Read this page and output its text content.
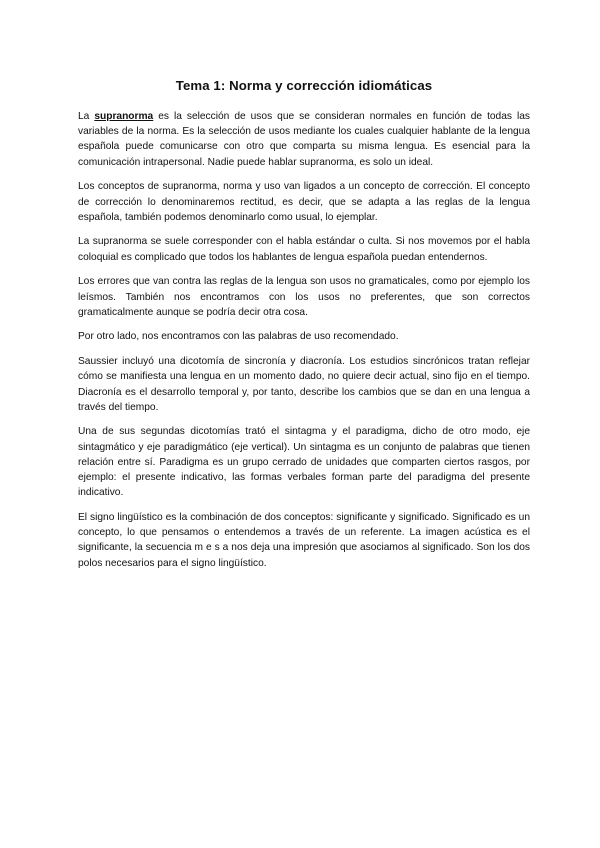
Tema 1: Norma y corrección idiomáticas

La supranorma es la selección de usos que se consideran normales en función de todas las variables de la norma. Es la selección de usos mediante los cuales cualquier hablante de la lengua española puede comunicarse con otro que comparta su misma lengua. Es esencial para la comunicación intrapersonal. Nadie puede hablar supranorma, es solo un ideal.

Los conceptos de supranorma, norma y uso van ligados a un concepto de corrección. El concepto de corrección lo denominaremos rectitud, es decir, que se adapta a las reglas de la lengua española, también podemos denominarlo como usual, lo ejemplar.

La supranorma se suele corresponder con el habla estándar o culta. Si nos movemos por el habla coloquial es complicado que todos los hablantes de lengua española puedan entendernos.

Los errores que van contra las reglas de la lengua son usos no gramaticales, como por ejemplo los leísmos. También nos encontramos con los usos no preferentes, que son correctos gramaticalmente aunque se podría decir otra cosa.

Por otro lado, nos encontramos con las palabras de uso recomendado.

Saussier incluyó una dicotomía de sincronía y diacronía. Los estudios sincrónicos tratan reflejar cómo se manifiesta una lengua en un momento dado, no quiere decir actual, sino fijo en el tiempo. Diacronía es el desarrollo temporal y, por tanto, describe los cambios que se dan en una lengua a través del tiempo.

Una de sus segundas dicotomías trató el sintagma y el paradigma, dicho de otro modo, eje sintagmático y eje paradigmático (eje vertical). Un sintagma es un conjunto de palabras que tienen relación entre sí. Paradigma es un grupo cerrado de unidades que comparten ciertos rasgos, por ejemplo: el presente indicativo, las formas verbales forman parte del paradigma del presente indicativo.

El signo lingüístico es la combinación de dos conceptos: significante y significado. Significado es un concepto, lo que pensamos o entendemos a través de un referente. La imagen acústica es el significante, la secuencia m e s a nos deja una impresión que asociamos al significado. Son los dos polos necesarios para el signo lingüístico.
